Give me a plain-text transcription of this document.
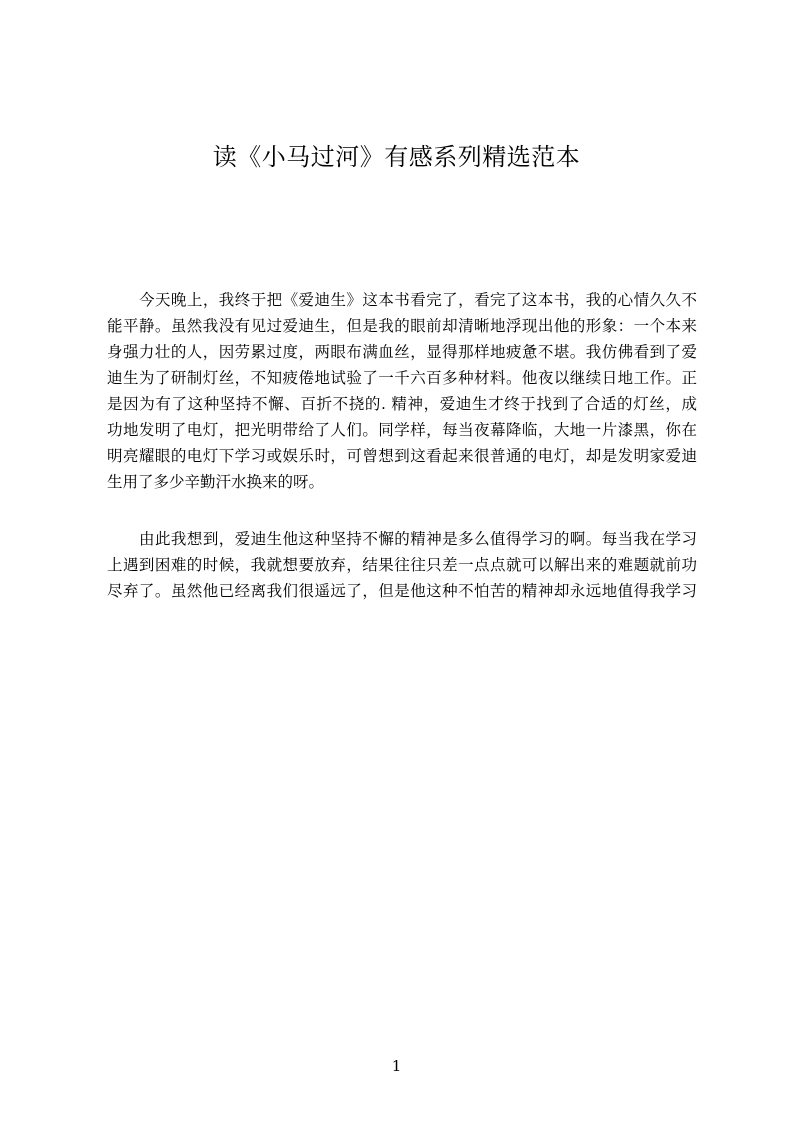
读《小马过河》有感系列精选范本
今天晚上，我终于把《爱迪生》这本书看完了，看完了这本书，我的心情久久不
能平静。虽然我没有见过爱迪生，但是我的眼前却清晰地浮现出他的形象：一个本来
身强力壮的人，因劳累过度，两眼布满血丝，显得那样地疲惫不堪。我仿佛看到了爱
迪生为了研制灯丝，不知疲倦地试验了一千六百多种材料。他夜以继续日地工作。正
是因为有了这种坚持不懈、百折不挠的. 精神，爱迪生才终于找到了合适的灯丝，成
功地发明了电灯，把光明带给了人们。同学样，每当夜幕降临，大地一片漆黑，你在
明亮耀眼的电灯下学习或娱乐时，可曾想到这看起来很普通的电灯，却是发明家爱迪
生用了多少辛勤汗水换来的呀。
由此我想到，爱迪生他这种坚持不懈的精神是多么值得学习的啊。每当我在学习
上遇到困难的时候，我就想要放弃，结果往往只差一点点就可以解出来的难题就前功
尽弃了。虽然他已经离我们很遥远了，但是他这种不怕苦的精神却永远地值得我学习
1
